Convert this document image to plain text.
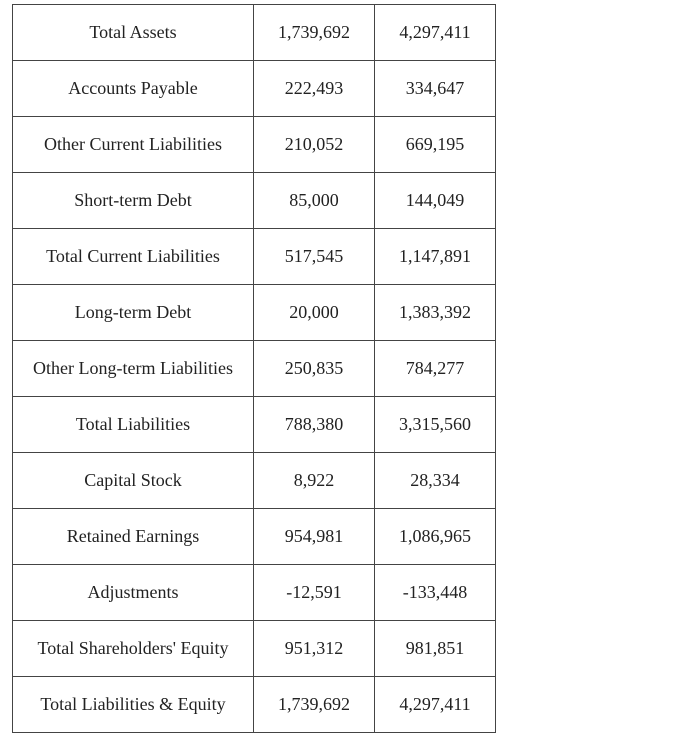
Total Assets	1,739,692	4,297,411
Accounts Payable	222,493	334,647
Other Current Liabilities	210,052	669,195
Short-term Debt	85,000	144,049
Total Current Liabilities	517,545	1,147,891
Long-term Debt	20,000	1,383,392
Other Long-term Liabilities	250,835	784,277
Total Liabilities	788,380	3,315,560
Capital Stock	8,922	28,334
Retained Earnings	954,981	1,086,965
Adjustments	-12,591	-133,448
Total Shareholders' Equity	951,312	981,851
Total Liabilities & Equity	1,739,692	4,297,411
